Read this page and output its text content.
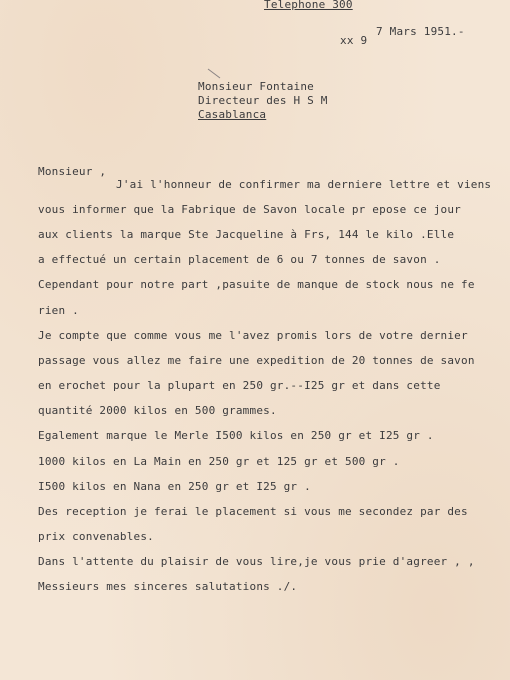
Telephone 300
xx 9
7 Mars 1951.-
Monsieur Fontaine
Directeur des H S M
Casablanca
Monsieur ,
J'ai l'honneur de confirmer ma derniere lettre et viens
vous informer que la Fabrique de Savon locale pr epose ce jour
aux clients la marque Ste Jacqueline à Frs, 144 le kilo .Elle
a effectué un certain placement de 6 ou 7 tonnes de savon .
Cependant pour notre part ,pasuite de manque de stock nous ne fe
rien .
Je compte que comme vous me l'avez promis lors de votre dernier
passage vous allez me faire une expedition de 20 tonnes de savon
en erochet pour la plupart en 250 gr.--I25 gr et dans cette
quantité 2000 kilos en 500 grammes.
Egalement marque le Merle I500 kilos en 250 gr et I25 gr .
1000 kilos en La Main en 250 gr et 125 gr et 500 gr .
I500 kilos en Nana en 250 gr et I25 gr .
Des reception je ferai le placement si vous me secondez par des
prix convenables.
Dans l'attente du plaisir de vous lire,je vous prie d'agreer , ,
Messieurs mes sinceres salutations ./.
